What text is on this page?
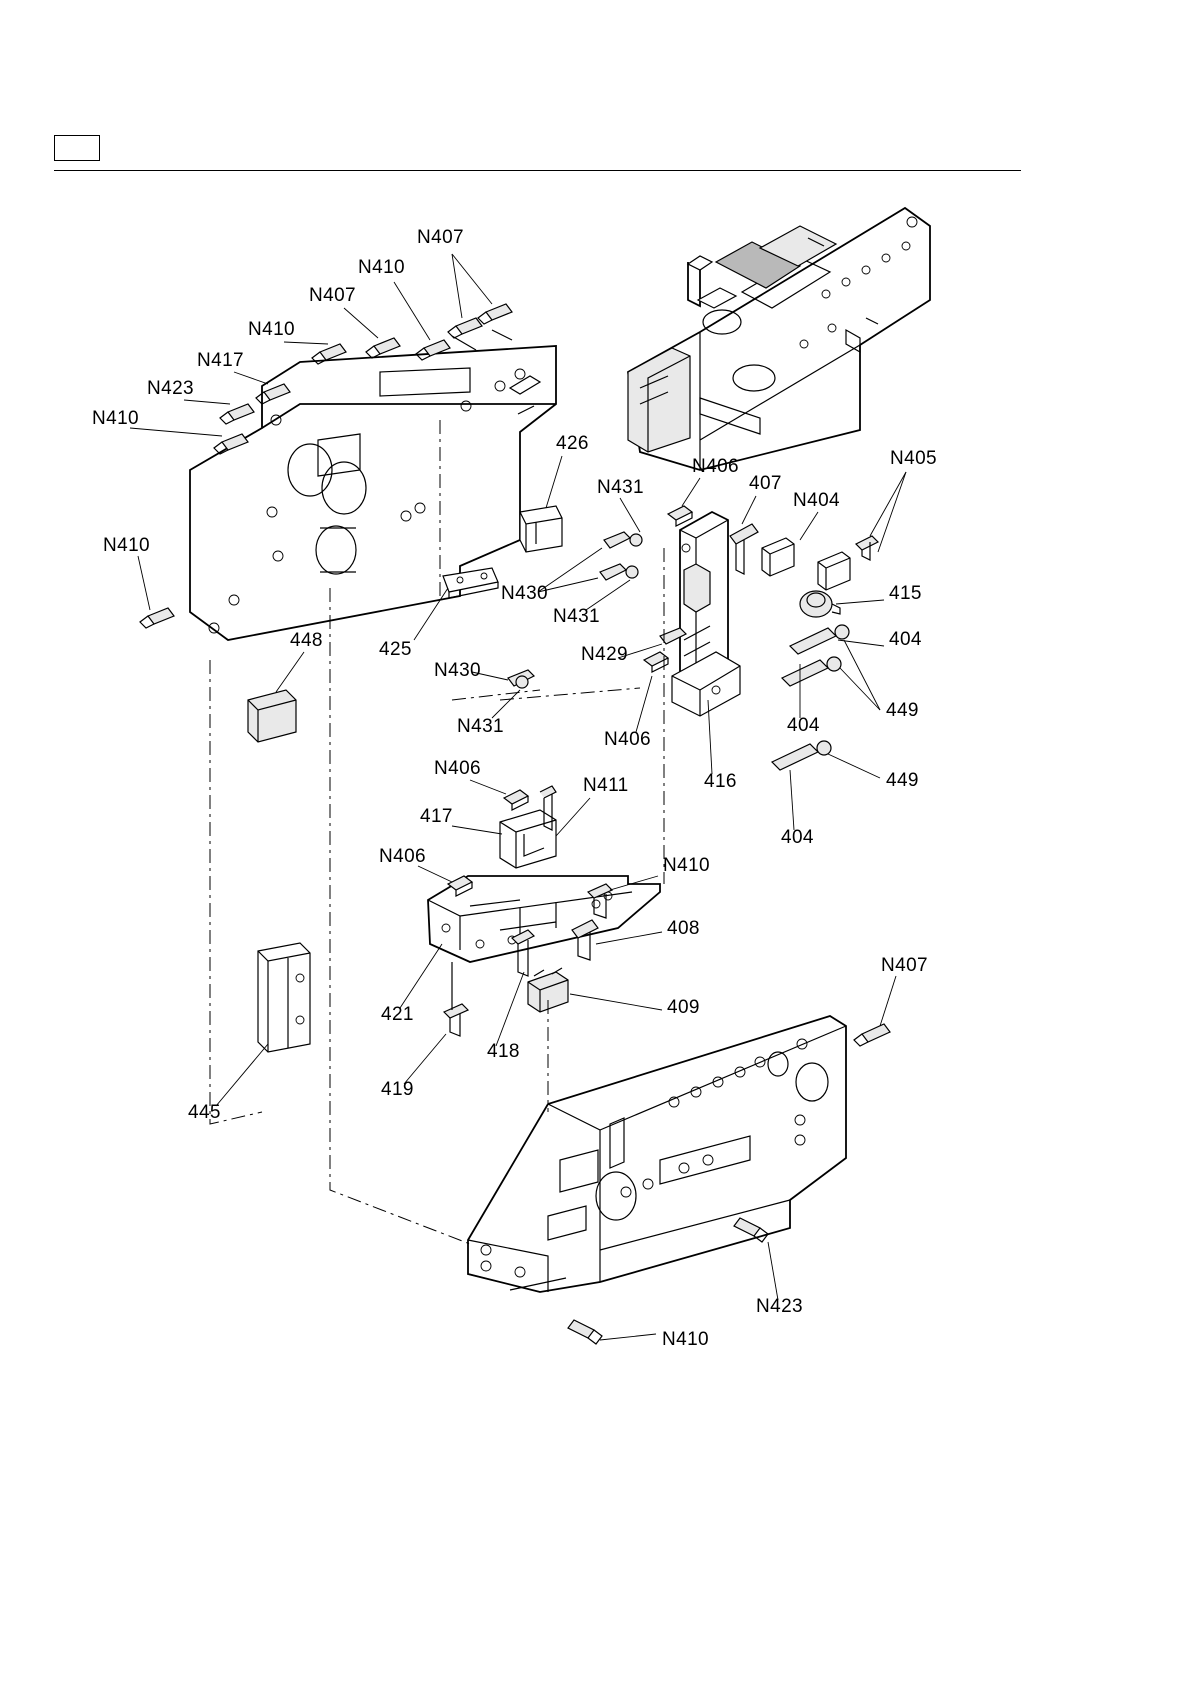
N407
N410
N407
N410
N417
N423
N410
N410
448	425
426
N431
N406
407
N404
N405
N430
N431
415
404
N429
449
404
N430
N431
N406
416	449
404
N406
N411
417
N406	N410
408
409
421
418
419
445
N407
N423
N410
